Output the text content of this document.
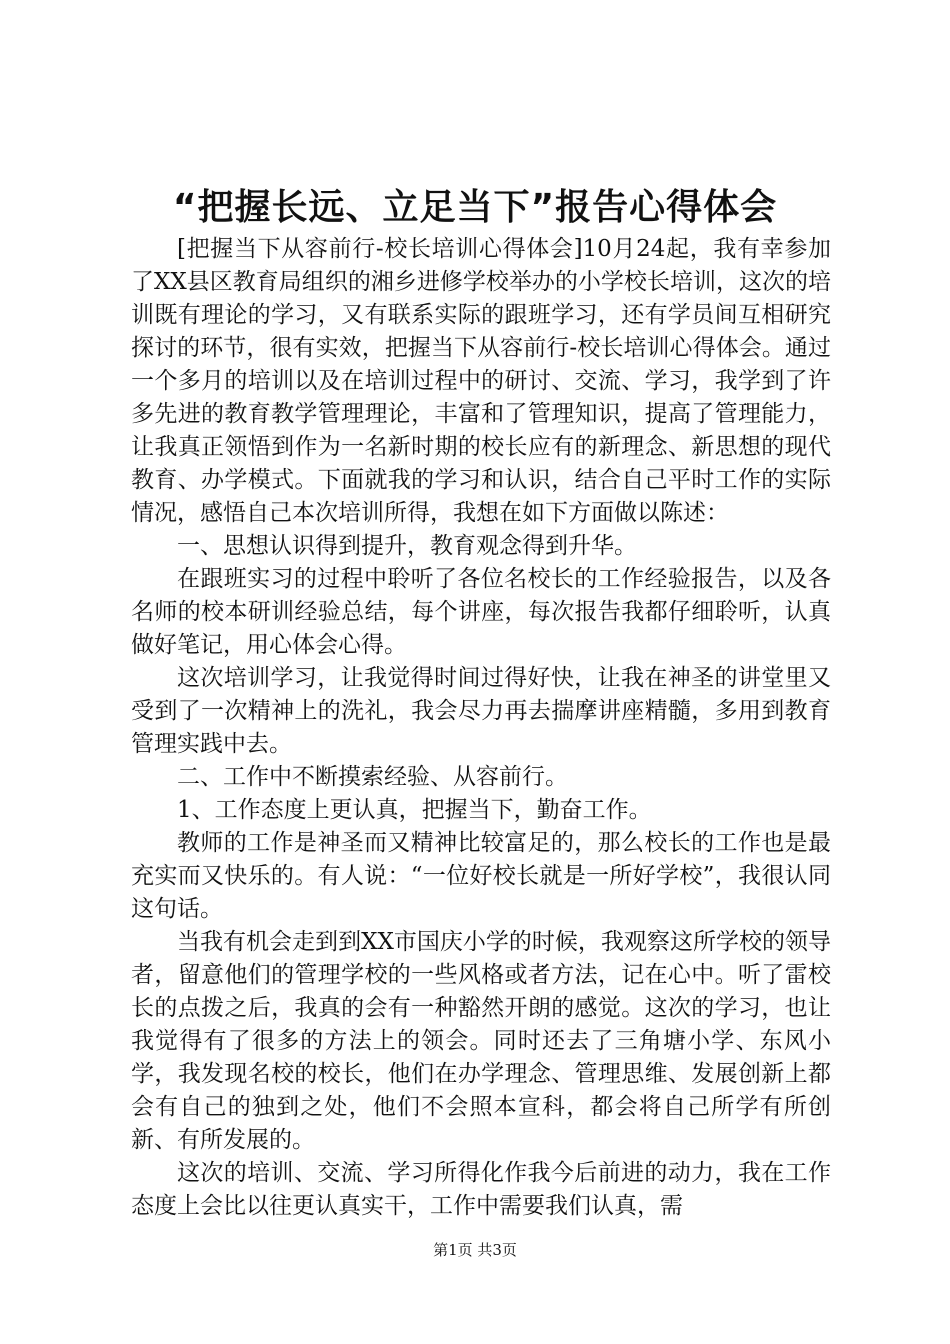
“把握长远、立足当下”报告心得体会

[把握当下从容前行-校长培训心得体会]10月24起，我有幸参加了XX县区教育局组织的湘乡进修学校举办的小学校长培训，这次的培训既有理论的学习，又有联系实际的跟班学习，还有学员间互相研究探讨的环节，很有实效，把握当下从容前行-校长培训心得体会。通过一个多月的培训以及在培训过程中的研讨、交流、学习，我学到了许多先进的教育教学管理理论，丰富和了管理知识，提高了管理能力，让我真正领悟到作为一名新时期的校长应有的新理念、新思想的现代教育、办学模式。下面就我的学习和认识，结合自己平时工作的实际情况，感悟自己本次培训所得，我想在如下方面做以陈述：

一、思想认识得到提升，教育观念得到升华。

在跟班实习的过程中聆听了各位名校长的工作经验报告，以及各名师的校本研训经验总结，每个讲座，每次报告我都仔细聆听，认真做好笔记，用心体会心得。

这次培训学习，让我觉得时间过得好快，让我在神圣的讲堂里又受到了一次精神上的洗礼，我会尽力再去揣摩讲座精髓，多用到教育管理实践中去。

二、工作中不断摸索经验、从容前行。

1、工作态度上更认真，把握当下，勤奋工作。

教师的工作是神圣而又精神比较富足的，那么校长的工作也是最充实而又快乐的。有人说：“一位好校长就是一所好学校”，我很认同这句话。

当我有机会走到到XX市国庆小学的时候，我观察这所学校的领导者，留意他们的管理学校的一些风格或者方法，记在心中。听了雷校长的点拨之后，我真的会有一种豁然开朗的感觉。这次的学习，也让我觉得有了很多的方法上的领会。同时还去了三角塘小学、东风小学，我发现名校的校长，他们在办学理念、管理思维、发展创新上都会有自己的独到之处，他们不会照本宣科，都会将自己所学有所创新、有所发展的。

这次的培训、交流、学习所得化作我今后前进的动力，我在工作态度上会比以往更认真实干，工作中需要我们认真，需

第1页 共3页
